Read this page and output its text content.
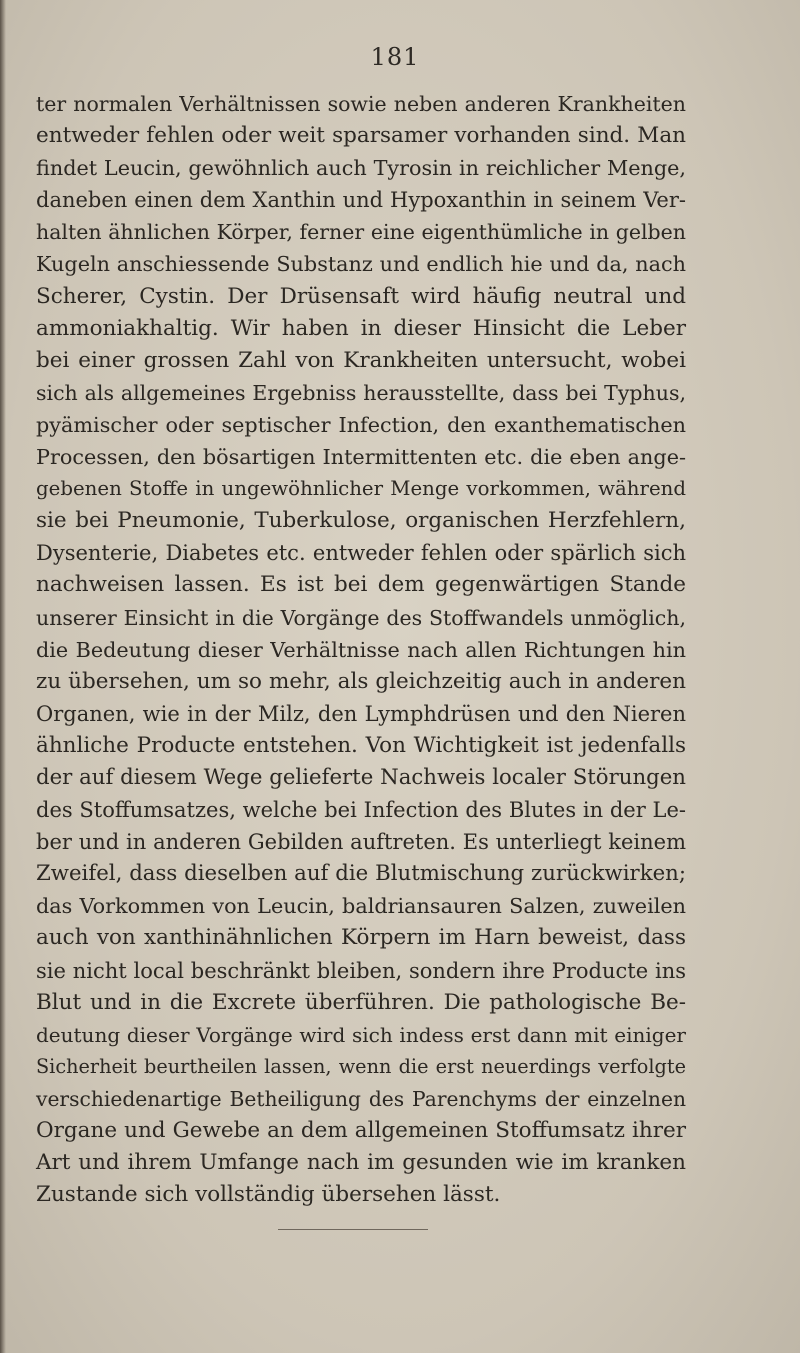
181
ter normalen Verhältnissen sowie neben anderen Krankheiten
entweder fehlen oder weit sparsamer vorhanden sind. Man
findet Leucin, gewöhnlich auch Tyrosin in reichlicher Menge,
daneben einen dem Xanthin und Hypoxanthin in seinem Ver-
halten ähnlichen Körper, ferner eine eigenthümliche in gelben
Kugeln anschiessende Substanz und endlich hie und da, nach
Scherer, Cystin. Der Drüsensaft wird häufig neutral und
ammoniakhaltig. Wir haben in dieser Hinsicht die Leber
bei einer grossen Zahl von Krankheiten untersucht, wobei
sich als allgemeines Ergebniss herausstellte, dass bei Typhus,
pyämischer oder septischer Infection, den exanthematischen
Processen, den bösartigen Intermittenten etc. die eben ange-
gebenen Stoffe in ungewöhnlicher Menge vorkommen, während
sie bei Pneumonie, Tuberkulose, organischen Herzfehlern,
Dysenterie, Diabetes etc. entweder fehlen oder spärlich sich
nachweisen lassen. Es ist bei dem gegenwärtigen Stande
unserer Einsicht in die Vorgänge des Stoffwandels unmöglich,
die Bedeutung dieser Verhältnisse nach allen Richtungen hin
zu übersehen, um so mehr, als gleichzeitig auch in anderen
Organen, wie in der Milz, den Lymphdrüsen und den Nieren
ähnliche Producte entstehen. Von Wichtigkeit ist jedenfalls
der auf diesem Wege gelieferte Nachweis localer Störungen
des Stoffumsatzes, welche bei Infection des Blutes in der Le-
ber und in anderen Gebilden auftreten. Es unterliegt keinem
Zweifel, dass dieselben auf die Blutmischung zurückwirken;
das Vorkommen von Leucin, baldriansauren Salzen, zuweilen
auch von xanthinähnlichen Körpern im Harn beweist, dass
sie nicht local beschränkt bleiben, sondern ihre Producte ins
Blut und in die Excrete überführen. Die pathologische Be-
deutung dieser Vorgänge wird sich indess erst dann mit einiger
Sicherheit beurtheilen lassen, wenn die erst neuerdings verfolgte
verschiedenartige Betheiligung des Parenchyms der einzelnen
Organe und Gewebe an dem allgemeinen Stoffumsatz ihrer
Art und ihrem Umfange nach im gesunden wie im kranken
Zustande sich vollständig übersehen lässt.
